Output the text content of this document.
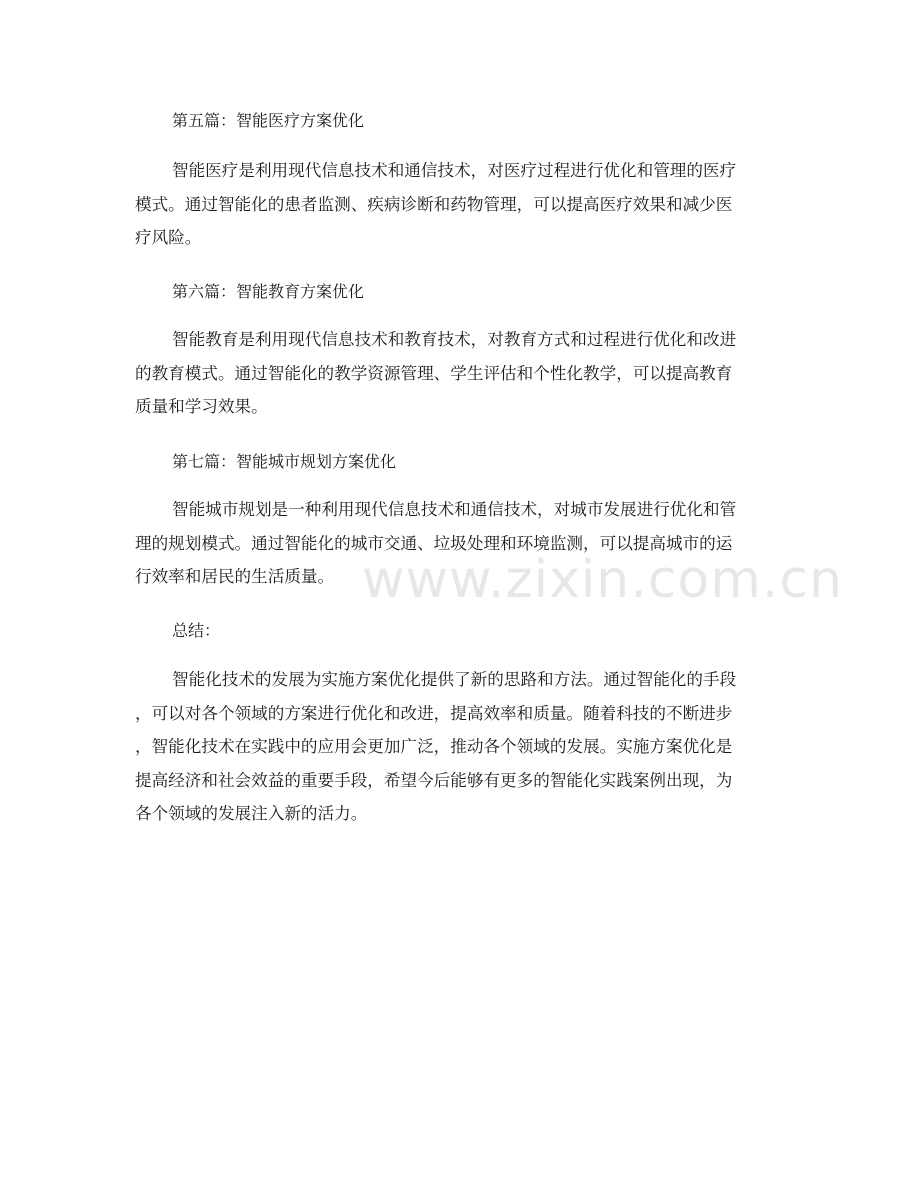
第五篇：智能医疗方案优化
智能医疗是利用现代信息技术和通信技术，对医疗过程进行优化和管理的医疗
模式。通过智能化的患者监测、疾病诊断和药物管理，可以提高医疗效果和减少医
疗风险。
第六篇：智能教育方案优化
智能教育是利用现代信息技术和教育技术，对教育方式和过程进行优化和改进
的教育模式。通过智能化的教学资源管理、学生评估和个性化教学，可以提高教育
质量和学习效果。
第七篇：智能城市规划方案优化
智能城市规划是一种利用现代信息技术和通信技术，对城市发展进行优化和管
理的规划模式。通过智能化的城市交通、垃圾处理和环境监测，可以提高城市的运
行效率和居民的生活质量。
总结：
智能化技术的发展为实施方案优化提供了新的思路和方法。通过智能化的手段
，可以对各个领域的方案进行优化和改进，提高效率和质量。随着科技的不断进步
，智能化技术在实践中的应用会更加广泛，推动各个领域的发展。实施方案优化是
提高经济和社会效益的重要手段，希望今后能够有更多的智能化实践案例出现，为
各个领域的发展注入新的活力。
www.zixin.com.cn
